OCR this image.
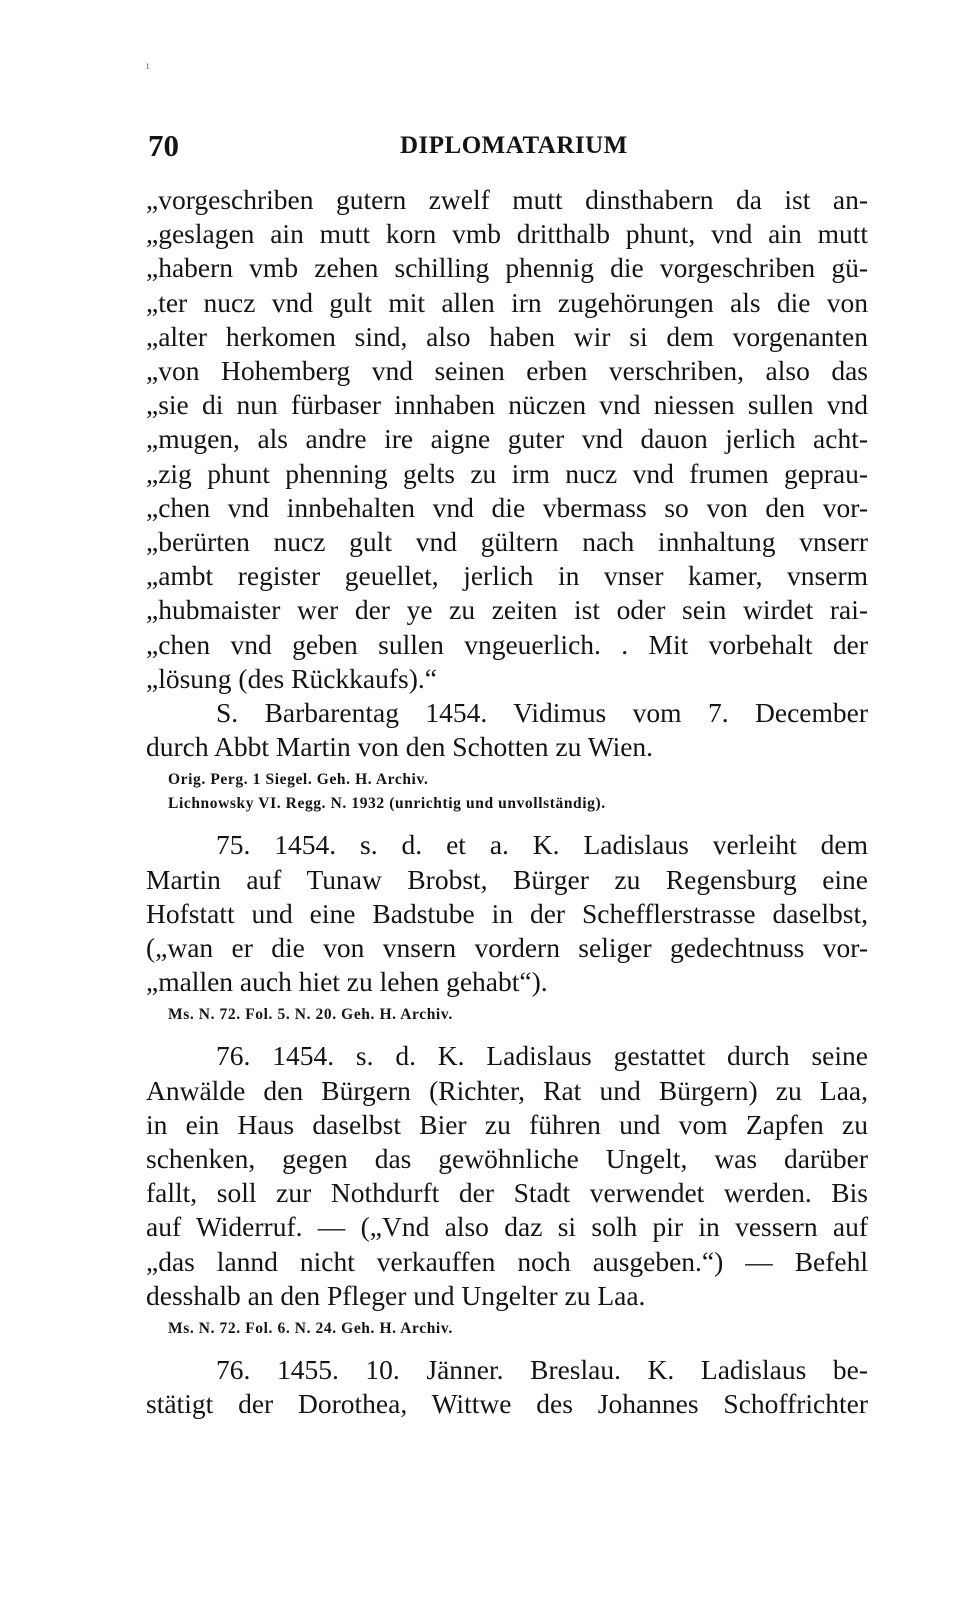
ı
70	DIPLOMATARIUM
„vorgeschriben gutern zwelf mutt dinsthabern da ist an-
„geslagen ain mutt korn vmb dritthalb phunt, vnd ain mutt
„habern vmb zehen schilling phennig die vorgeschriben gü-
„ter nucz vnd gult mit allen irn zugehörungen als die von
„alter herkomen sind, also haben wir si dem vorgenanten
„von Hohemberg vnd seinen erben verschriben, also das
„sie di nun fürbaser innhaben nüczen vnd niessen sullen vnd
„mugen, als andre ire aigne guter vnd dauon jerlich acht-
„zig phunt phenning gelts zu irm nucz vnd frumen geprau-
„chen vnd innbehalten vnd die vbermass so von den vor-
„berürten nucz gult vnd gültern nach innhaltung vnserr
„ambt register geuellet, jerlich in vnser kamer, vnserm
„hubmaister wer der ye zu zeiten ist oder sein wirdet rai-
„chen vnd geben sullen vngeuerlich. . Mit vorbehalt der
„lösung (des Rückkaufs).“
S. Barbarentag 1454. Vidimus vom 7. December
durch Abbt Martin von den Schotten zu Wien.
Orig. Perg. 1 Siegel. Geh. H. Archiv.
Lichnowsky VI. Regg. N. 1932 (unrichtig und unvollständig).
75. 1454. s. d. et a. K. Ladislaus verleiht dem
Martin auf Tunaw Brobst, Bürger zu Regensburg eine
Hofstatt und eine Badstube in der Schefflerstrasse daselbst,
(„wan er die von vnsern vordern seliger gedechtnuss vor-
„mallen auch hiet zu lehen gehabt“).
Ms. N. 72. Fol. 5. N. 20. Geh. H. Archiv.
76. 1454. s. d. K. Ladislaus gestattet durch seine
Anwälde den Bürgern (Richter, Rat und Bürgern) zu Laa,
in ein Haus daselbst Bier zu führen und vom Zapfen zu
schenken, gegen das gewöhnliche Ungelt, was darüber
fallt, soll zur Nothdurft der Stadt verwendet werden. Bis
auf Widerruf. — („Vnd also daz si solh pir in vessern auf
„das lannd nicht verkauffen noch ausgeben.“) — Befehl
desshalb an den Pfleger und Ungelter zu Laa.
Ms. N. 72. Fol. 6. N. 24. Geh. H. Archiv.
76. 1455. 10. Jänner. Breslau. K. Ladislaus be-
stätigt der Dorothea, Wittwe des Johannes Schoffrichter
